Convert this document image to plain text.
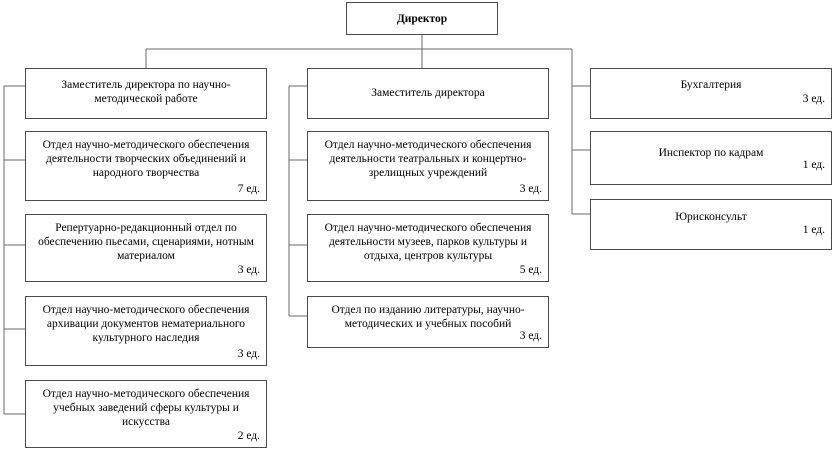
Директор
Заместитель директора по научно-методической работе
Отдел научно-методического обеспечения деятельности творческих объединений и народного творчества
7 ед.
Репертуарно-редакционный отдел по обеспечению пьесами, сценариями, нотным материалом
3 ед.
Отдел научно-методического обеспечения архивации документов нематериального культурного наследия
3 ед.
Отдел научно-методического обеспечения учебных заведений сферы культуры и искусства
2 ед.
Заместитель директора
Отдел научно-методического обеспечения деятельности театральных и концертно-зрелищных учреждений
3 ед.
Отдел научно-методического обеспечения деятельности музеев, парков культуры и отдыха, центров культуры
5 ед.
Отдел по изданию литературы, научно-методических и учебных пособий
3 ед.
Бухгалтерия
3 ед.
Инспектор по кадрам
1 ед.
Юрисконсульт
1 ед.
